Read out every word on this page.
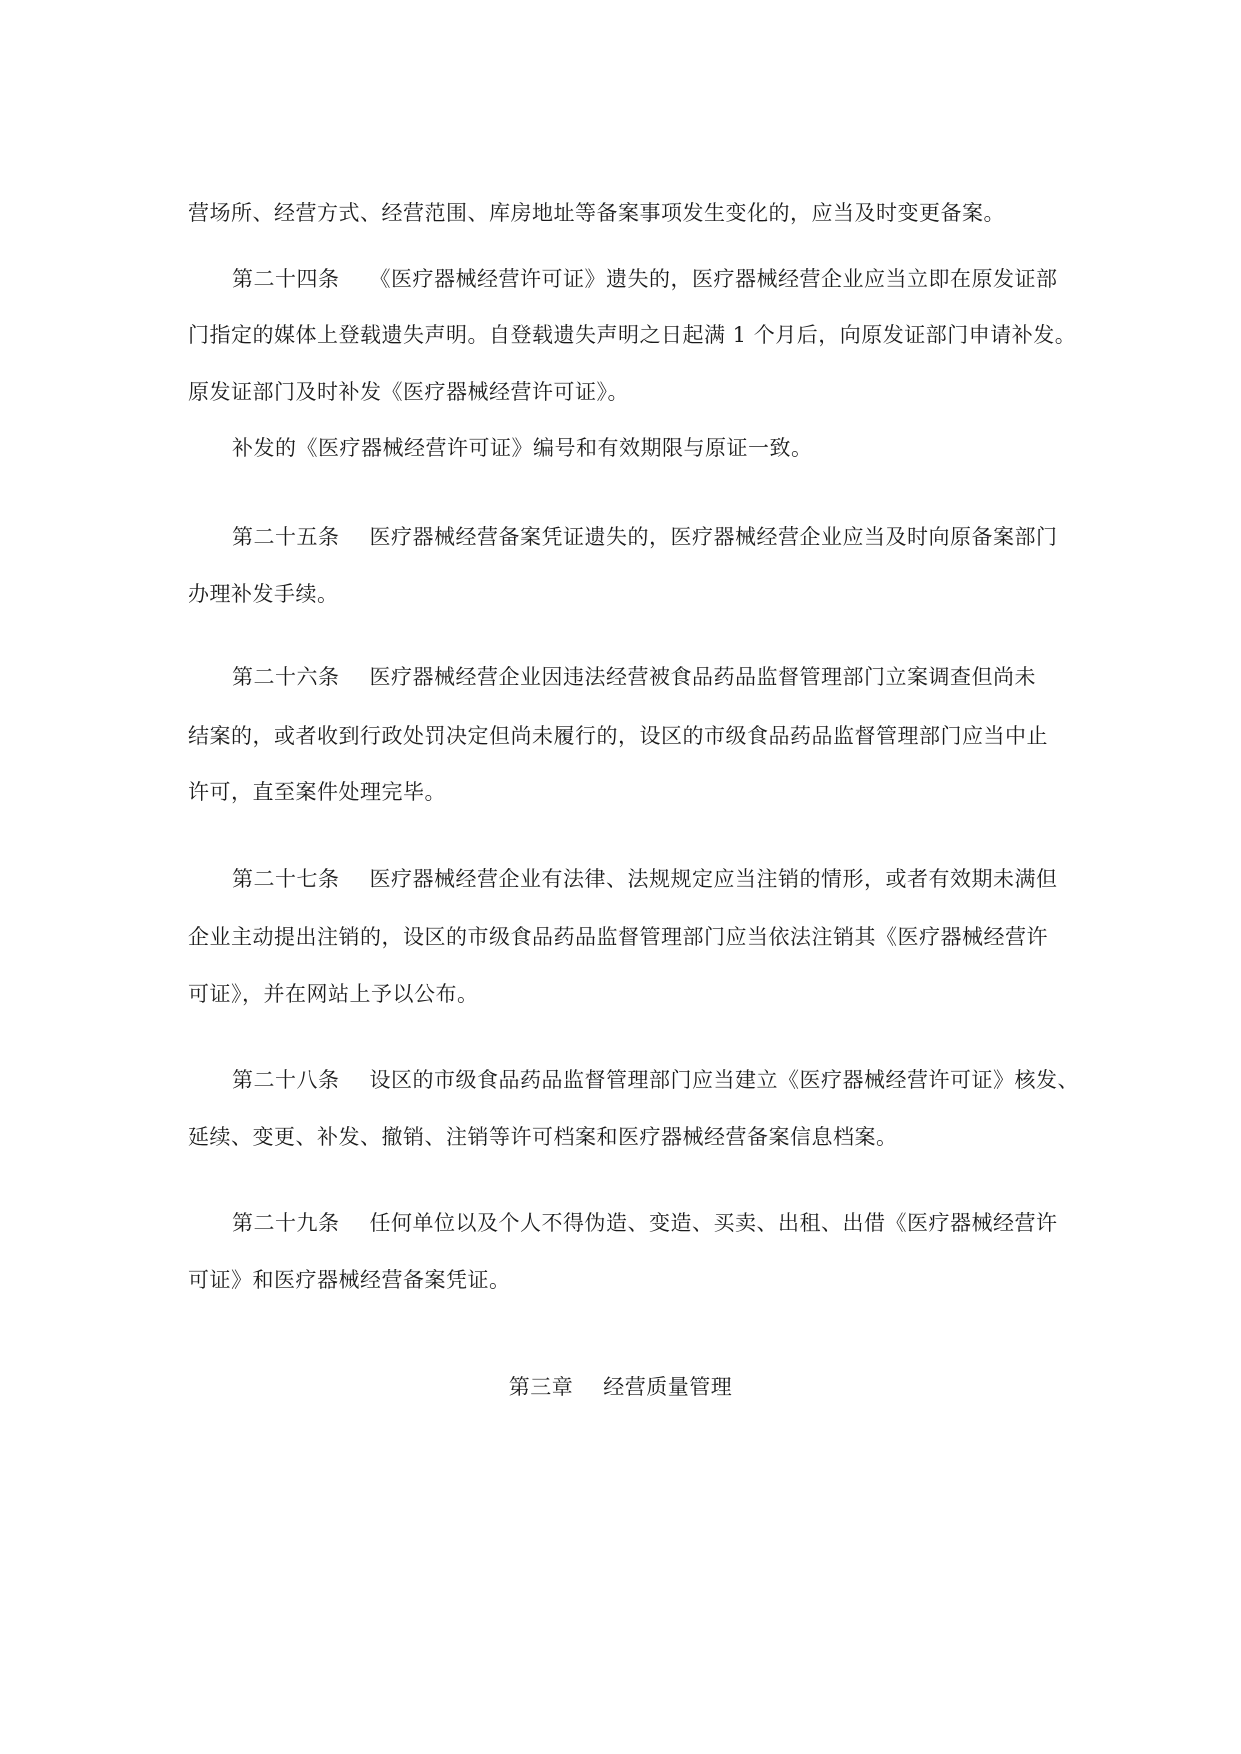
营场所、经营方式、经营范围、库房地址等备案事项发生变化的，应当及时变更备案。

第二十四条 《医疗器械经营许可证》遗失的，医疗器械经营企业应当立即在原发证部

门指定的媒体上登载遗失声明。自登载遗失声明之日起满 1 个月后，向原发证部门申请补发。

原发证部门及时补发《医疗器械经营许可证》。

补发的《医疗器械经营许可证》编号和有效期限与原证一致。

第二十五条 医疗器械经营备案凭证遗失的，医疗器械经营企业应当及时向原备案部门

办理补发手续。

第二十六条 医疗器械经营企业因违法经营被食品药品监督管理部门立案调查但尚未

结案的，或者收到行政处罚决定但尚未履行的，设区的市级食品药品监督管理部门应当中止

许可，直至案件处理完毕。

第二十七条 医疗器械经营企业有法律、法规规定应当注销的情形，或者有效期未满但

企业主动提出注销的，设区的市级食品药品监督管理部门应当依法注销其《医疗器械经营许

可证》，并在网站上予以公布。

第二十八条 设区的市级食品药品监督管理部门应当建立《医疗器械经营许可证》核发、

延续、变更、补发、撤销、注销等许可档案和医疗器械经营备案信息档案。

第二十九条 任何单位以及个人不得伪造、变造、买卖、出租、出借《医疗器械经营许

可证》和医疗器械经营备案凭证。

第三章 经营质量管理
